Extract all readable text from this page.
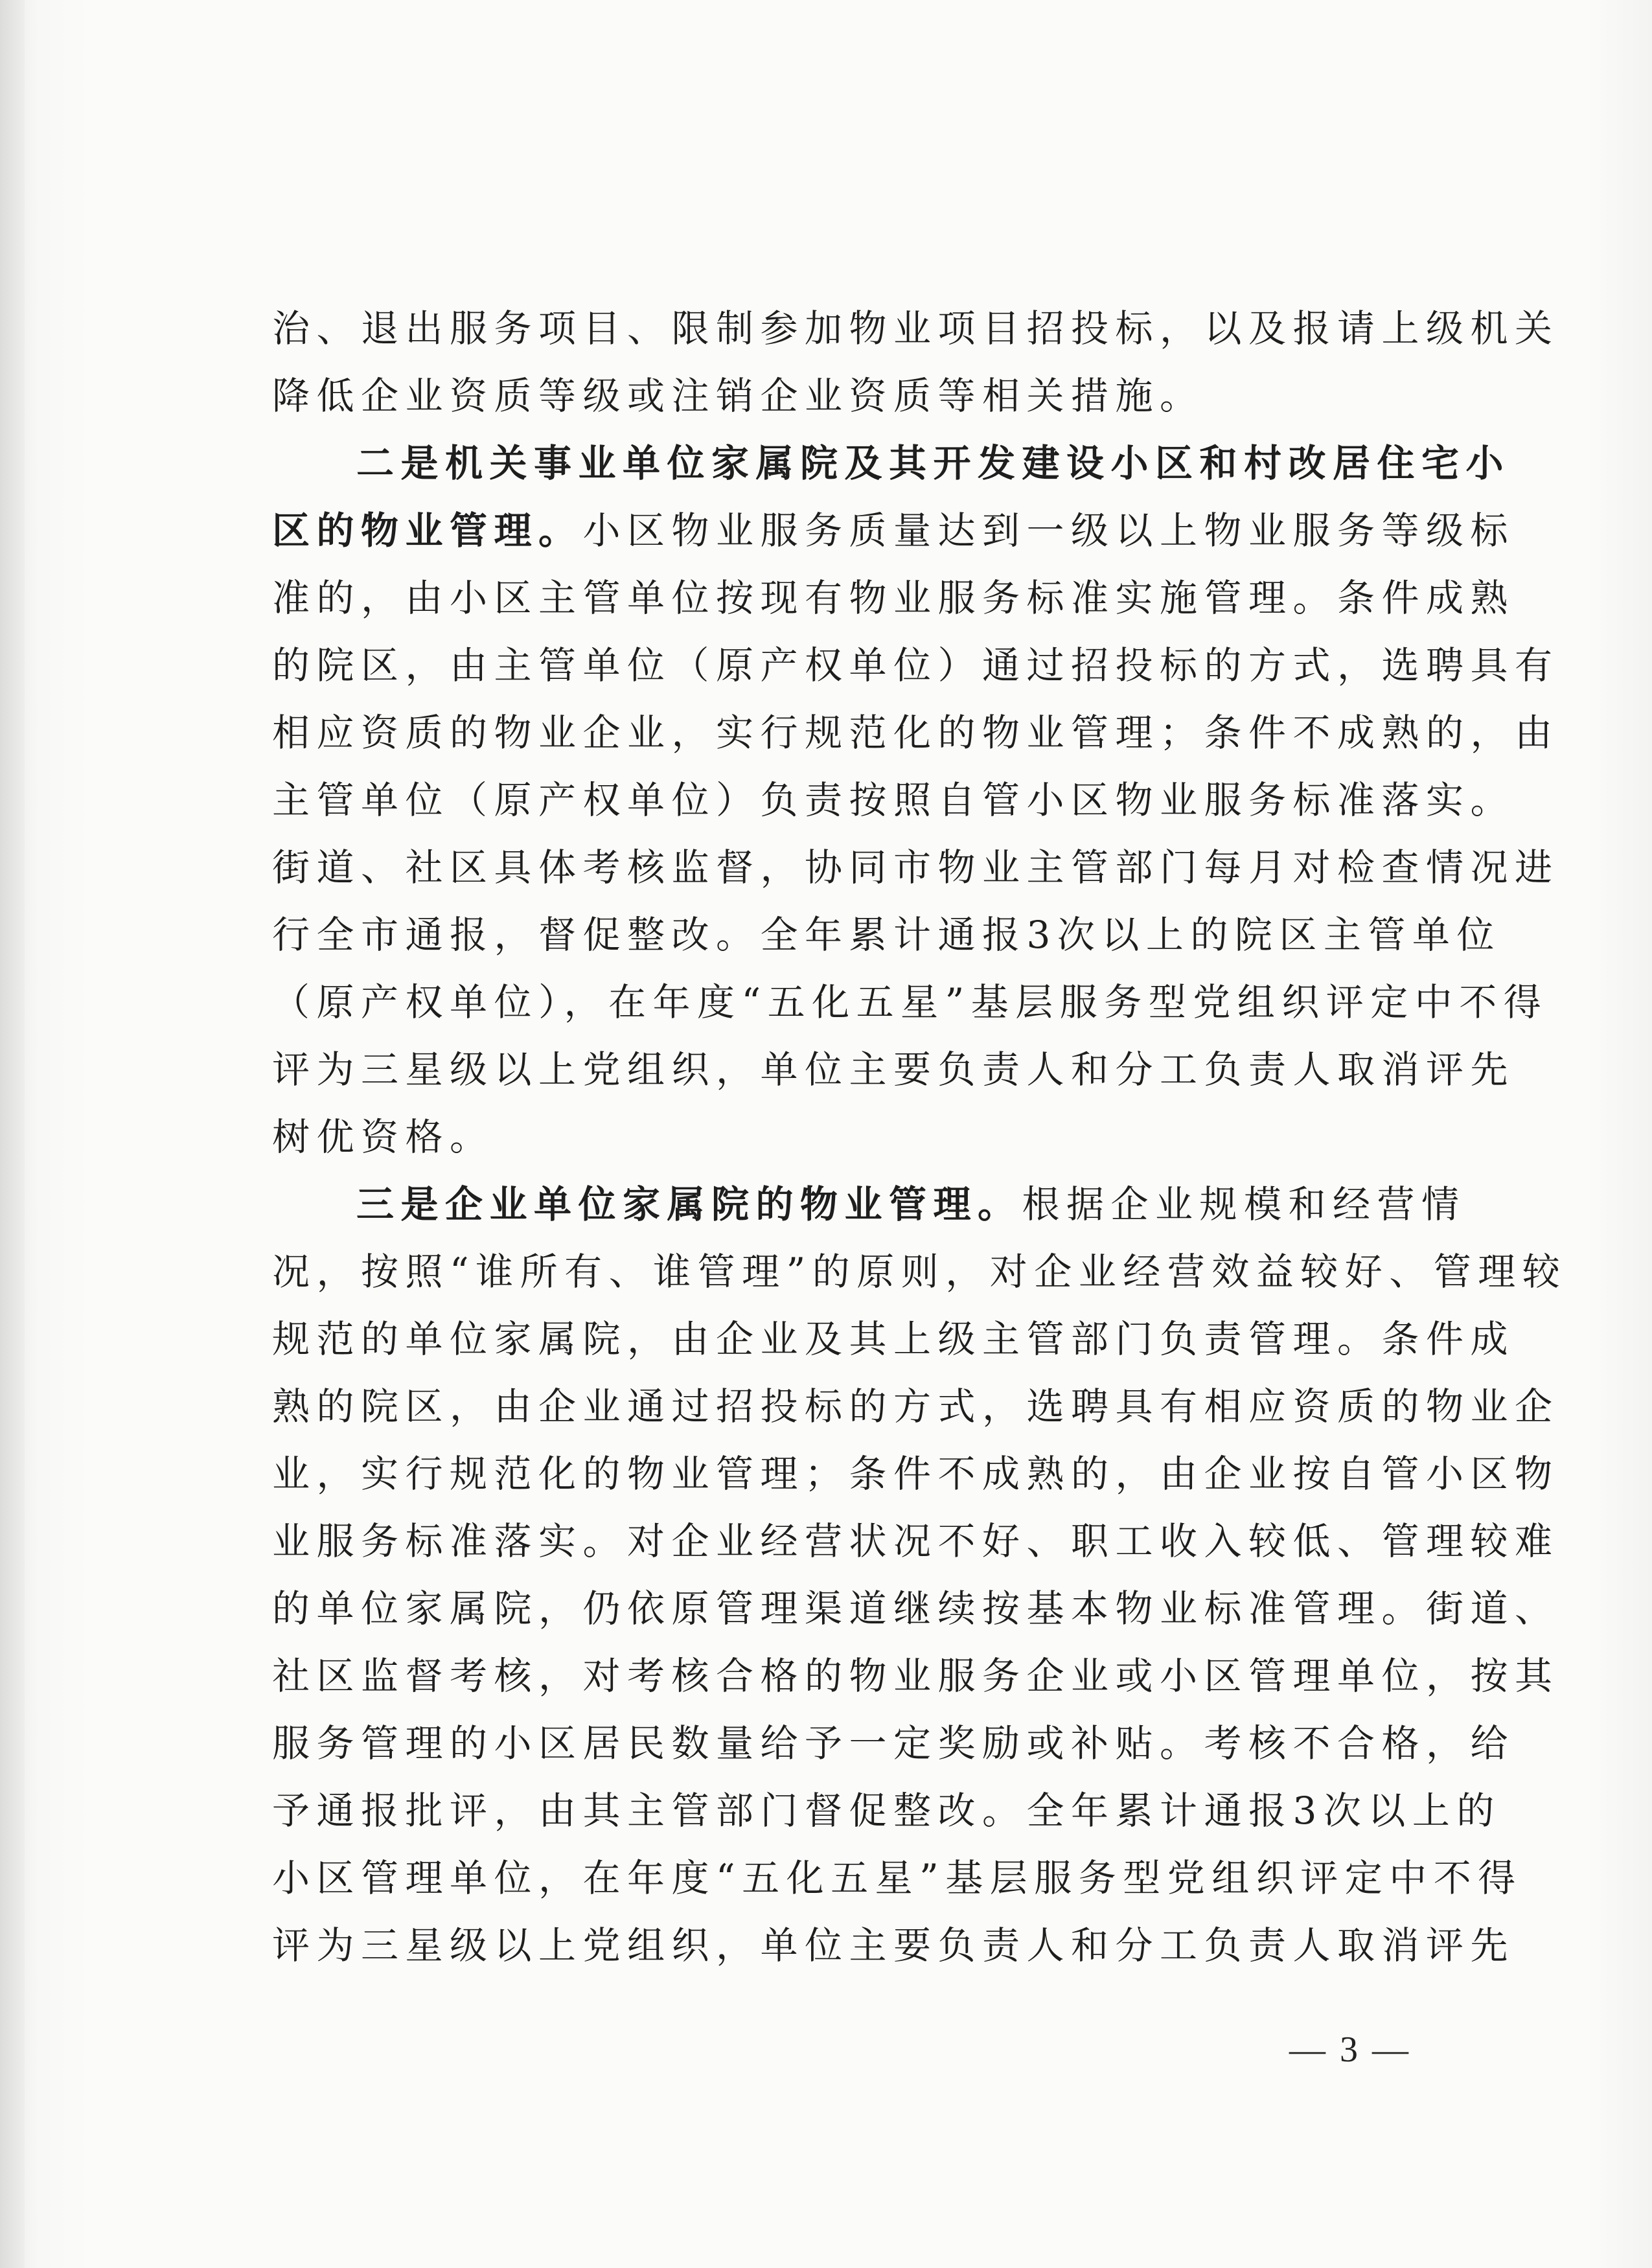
治、退出服务项目、限制参加物业项目招投标，以及报请上级机关
降低企业资质等级或注销企业资质等相关措施。
二是机关事业单位家属院及其开发建设小区和村改居住宅小
区的物业管理。小区物业服务质量达到一级以上物业服务等级标
准的，由小区主管单位按现有物业服务标准实施管理。条件成熟
的院区，由主管单位（原产权单位）通过招投标的方式，选聘具有
相应资质的物业企业，实行规范化的物业管理；条件不成熟的，由
主管单位（原产权单位）负责按照自管小区物业服务标准落实。
街道、社区具体考核监督，协同市物业主管部门每月对检查情况进
行全市通报，督促整改。全年累计通报3次以上的院区主管单位
（原产权单位），在年度“五化五星”基层服务型党组织评定中不得
评为三星级以上党组织，单位主要负责人和分工负责人取消评先
树优资格。
三是企业单位家属院的物业管理。根据企业规模和经营情
况，按照“谁所有、谁管理”的原则，对企业经营效益较好、管理较
规范的单位家属院，由企业及其上级主管部门负责管理。条件成
熟的院区，由企业通过招投标的方式，选聘具有相应资质的物业企
业，实行规范化的物业管理；条件不成熟的，由企业按自管小区物
业服务标准落实。对企业经营状况不好、职工收入较低、管理较难
的单位家属院，仍依原管理渠道继续按基本物业标准管理。街道、
社区监督考核，对考核合格的物业服务企业或小区管理单位，按其
服务管理的小区居民数量给予一定奖励或补贴。考核不合格，给
予通报批评，由其主管部门督促整改。全年累计通报3次以上的
小区管理单位，在年度“五化五星”基层服务型党组织评定中不得
评为三星级以上党组织，单位主要负责人和分工负责人取消评先
— 3 —
